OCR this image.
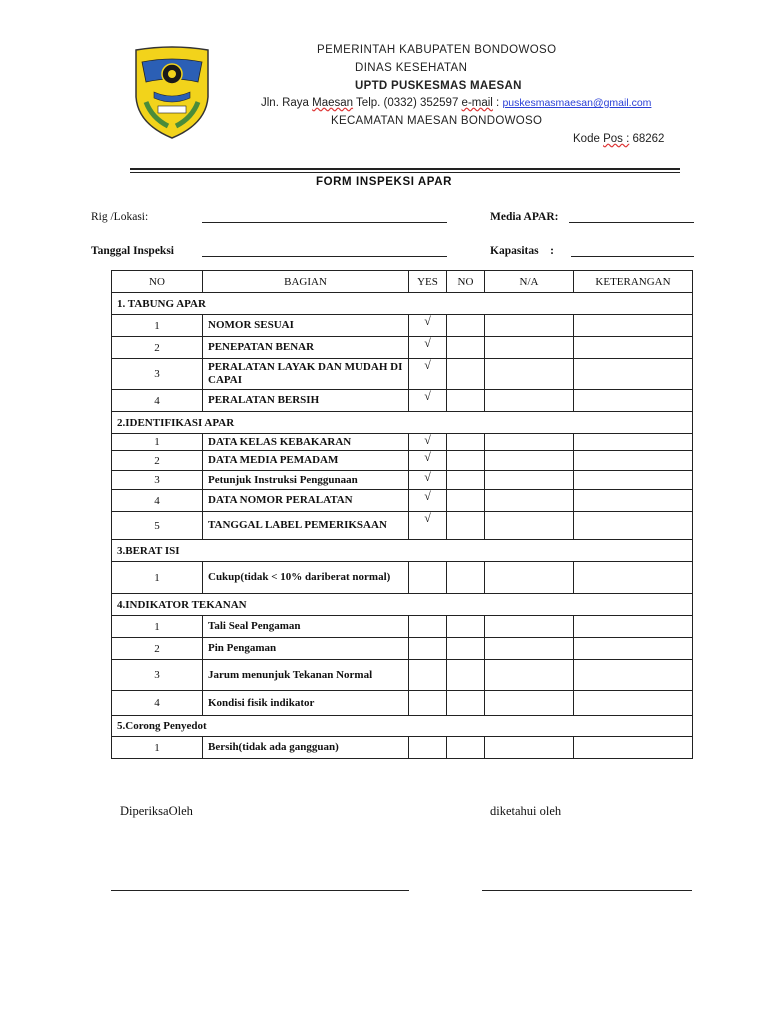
PEMERINTAH KABUPATEN BONDOWOSO
DINAS KESEHATAN
UPTD PUSKESMAS MAESAN
Jln. Raya Maesan Telp. (0332) 352597 e-mail : puskesmasmaesan@gmail.com
KECAMATAN MAESAN BONDOWOSO
Kode Pos : 68262
FORM INSPEKSI APAR
Rig /Lokasi:	Media APAR:
Tanggal Inspeksi	Kapasitas    :
NO	BAGIAN	YES	NO	N/A	KETERANGAN
1. TABUNG APAR					
1	NOMOR SESUAI	√			
2	PENEPATAN BENAR	√			
3	PERALATAN LAYAK DAN MUDAH DI CAPAI	√			
4	PERALATAN BERSIH	√			
2.IDENTIFIKASI APAR					
1	DATA KELAS KEBAKARAN	√			
2	DATA MEDIA PEMADAM	√			
3	Petunjuk Instruksi Penggunaan	√			
4	DATA NOMOR PERALATAN	√			
5	TANGGAL LABEL PEMERIKSAAN	√			
3.BERAT ISI					
1	Cukup(tidak < 10% dariberat normal)				
4.INDIKATOR TEKANAN					
1	Tali Seal Pengaman				
2	Pin Pengaman				
3	Jarum menunjuk Tekanan Normal				
4	Kondisi fisik indikator				
5.Corong Penyedot					
1	Bersih(tidak ada gangguan)				
DiperiksaOleh	diketahui oleh
